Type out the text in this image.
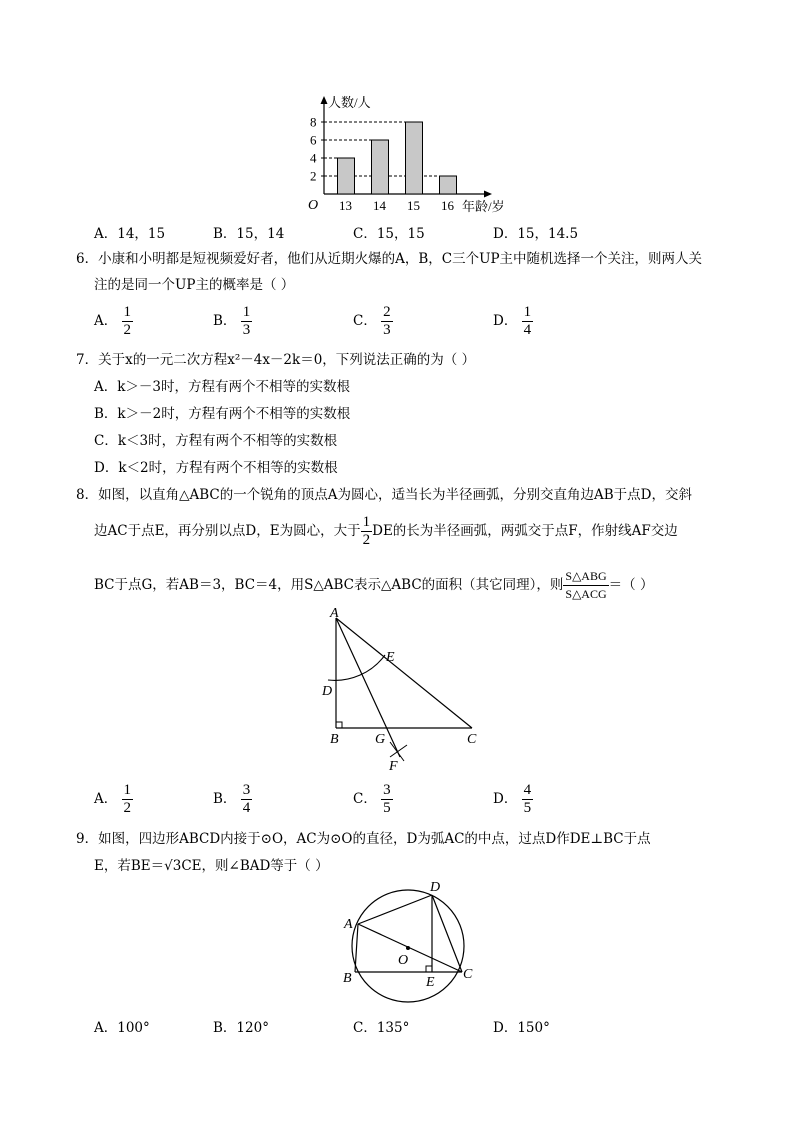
2
4
6
8
13 14 15 16
人数/人
年龄/岁
O
A．14，15	B．15，14	C．15，15	D．15，14.5
6．小康和小明都是短视频爱好者，他们从近期火爆的A，B，C三个UP主中随机选择一个关注，则两人关
注的是同一个UP主的概率是（ ）
A． $\frac{1}{2}$	B． $\frac{1}{3}$	C． $\frac{2}{3}$	D． $\frac{1}{4}$
7．关于x的一元二次方程x²－4x－2k＝0，下列说法正确的为（ ）
A．k＞－3时，方程有两个不相等的实数根
B．k＞－2时，方程有两个不相等的实数根
C．k＜3时，方程有两个不相等的实数根
D．k＜2时，方程有两个不相等的实数根
8．如图，以直角△ABC的一个锐角的顶点A为圆心，适当长为半径画弧，分别交直角边AB于点D，交斜
边AC于点E，再分别以点D，E为圆心，大于 $\frac{1}{2}$ DE的长为半径画弧，两弧交于点F，作射线AF交边
BC于点G，若AB＝3，BC＝4，用S△ABC表示△ABC的面积（其它同理），则 $\frac{\text{S△ABG}}{\text{S△ACG}}$ ＝（ ）
A
E
D
B	G	C
F
A． $\frac{1}{2}$	B． $\frac{3}{4}$	C． $\frac{3}{5}$	D． $\frac{4}{5}$
9．如图，四边形ABCD内接于⊙O，AC为⊙O的直径，D为弧AC的中点，过点D作DE⊥BC于点
E，若BE＝√3CE，则∠BAD等于（ ）
D
A
O
B	E
C
A．100°	B．120°	C．135°	D．150°
